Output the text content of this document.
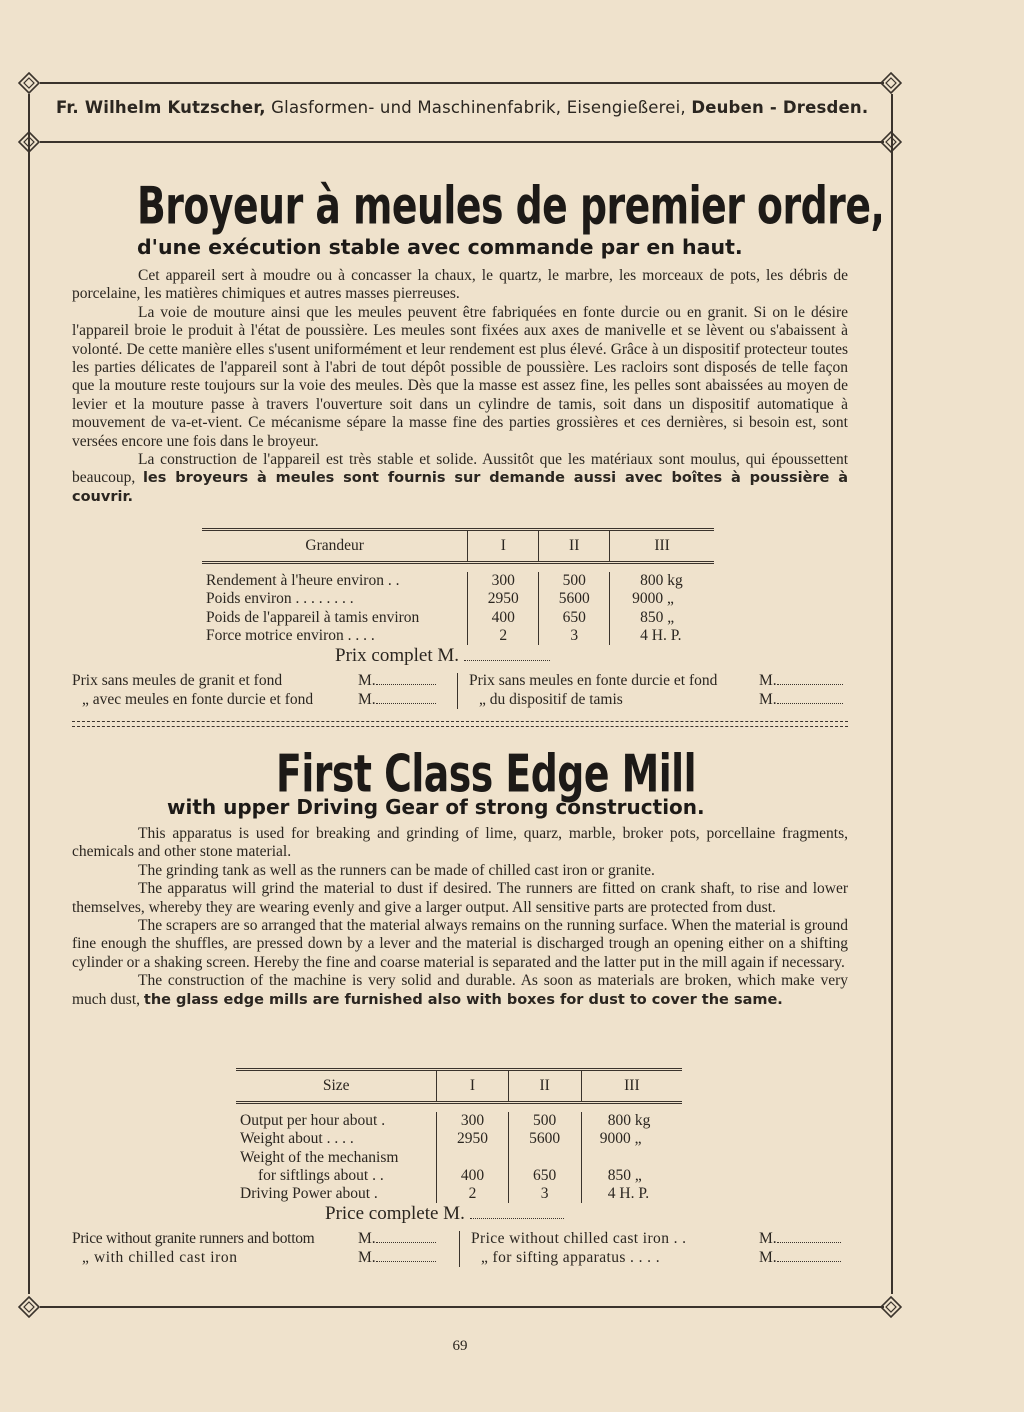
Fr. Wilhelm Kutzscher, Glasformen- und Maschinenfabrik, Eisengießerei, Deuben - Dresden.
Broyeur à meules de premier ordre,
d'une exécution stable avec commande par en haut.

Cet appareil sert à moudre ou à concasser la chaux, le quartz, le marbre, les morceaux de pots, les débris de porcelaine, les matières chimiques et autres masses pierreuses.

La voie de mouture ainsi que les meules peuvent être fabriquées en fonte durcie ou en granit. Si on le désire l'appareil broie le produit à l'état de poussière. Les meules sont fixées aux axes de manivelle et se lèvent ou s'abaissent à volonté. De cette manière elles s'usent uniformément et leur rendement est plus élevé. Grâce à un dispositif protecteur toutes les parties délicates de l'appareil sont à l'abri de tout dépôt possible de poussière. Les racloirs sont disposés de telle façon que la mouture reste toujours sur la voie des meules. Dès que la masse est assez fine, les pelles sont abaissées au moyen de levier et la mouture passe à travers l'ouverture soit dans un cylindre de tamis, soit dans un dispositif automatique à mouvement de va-et-vient. Ce mécanisme sépare la masse fine des parties grossières et ces dernières, si besoin est, sont versées encore une fois dans le broyeur.

La construction de l'appareil est très stable et solide. Aussitôt que les matériaux sont moulus, qui époussettent beaucoup, les broyeurs à meules sont fournis sur demande aussi avec boîtes à poussière à couvrir.

Grandeur	I	II	III

Rendement à l'heure environ . .	300	500	800 kg
Poids environ . . . . . . . .	2950	5600	9000 „
Poids de l'appareil à tamis environ	400	650	850 „
Force motrice environ . . . .	2	3	4 H. P.
Prix complet M.
Prix sans meules de granit et fond	M.
„ avec meules en fonte durcie et fond	M.
Prix sans meules en fonte durcie et fond	M.
„ du dispositif de tamis	M.
First Class Edge Mill
with upper Driving Gear of strong construction.

This apparatus is used for breaking and grinding of lime, quarz, marble, broker pots, porcellaine fragments, chemicals and other stone material.

The grinding tank as well as the runners can be made of chilled cast iron or granite.

The apparatus will grind the material to dust if desired. The runners are fitted on crank shaft, to rise and lower themselves, whereby they are wearing evenly and give a larger output. All sensitive parts are protected from dust.

The scrapers are so arranged that the material always remains on the running surface. When the material is ground fine enough the shuffles, are pressed down by a lever and the material is discharged trough an opening either on a shifting cylinder or a shaking screen. Hereby the fine and coarse material is separated and the latter put in the mill again if necessary.

The construction of the machine is very solid and durable. As soon as materials are broken, which make very much dust, the glass edge mills are furnished also with boxes for dust to cover the same.

Size	I	II	III

Output per hour about .	300	500	800 kg
Weight about . . . .	2950	5600	9000 „
Weight of the mechanism			
for siftlings about . .	400	650	850 „
Driving Power about .	2	3	4 H. P.
Price complete M.
Price without granite runners and bottom	M.
„ with chilled cast iron	M.
Price without chilled cast iron . .	M.
„ for sifting apparatus . . . .	M.
69
